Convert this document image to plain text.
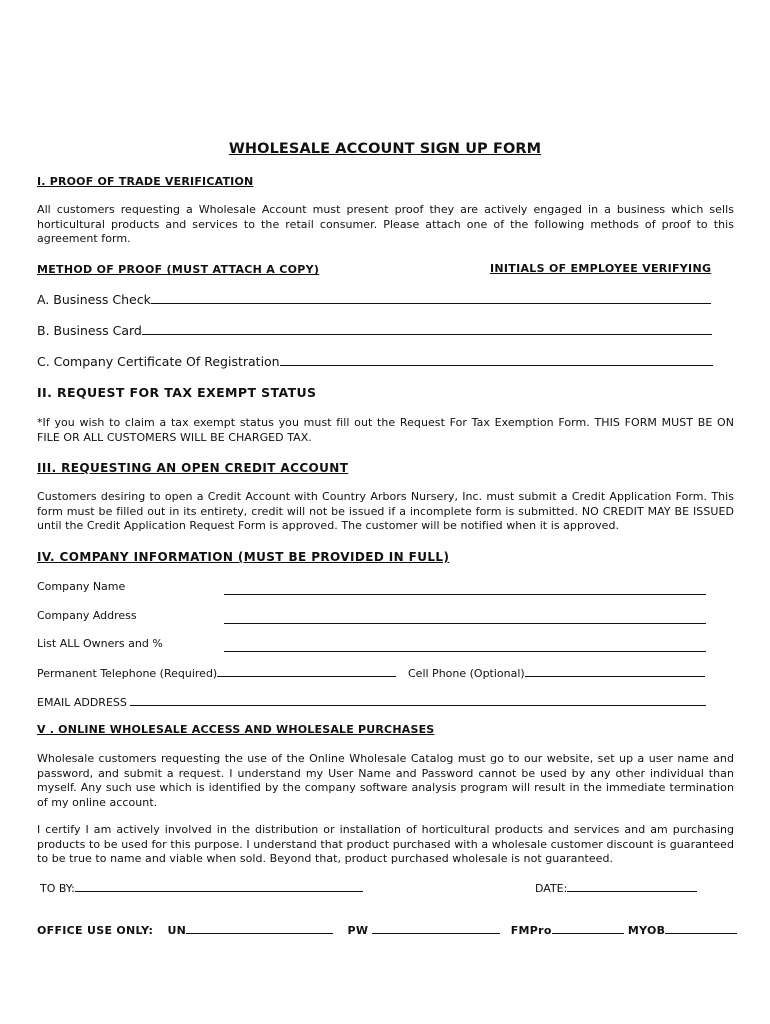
WHOLESALE ACCOUNT SIGN UP FORM
I. PROOF OF TRADE VERIFICATION
All customers requesting a Wholesale Account must present proof they are actively engaged in a business which sells horticultural products and services to the retail consumer. Please attach one of the following methods of proof to this agreement form.
METHOD OF PROOF (MUST ATTACH A COPY)	INITIALS OF EMPLOYEE VERIFYING
A. Business Check
B. Business Card
C. Company Certificate Of Registration
II. REQUEST FOR TAX EXEMPT STATUS
*If you wish to claim a tax exempt status you must fill out the Request For Tax Exemption Form. THIS FORM MUST BE ON FILE OR ALL CUSTOMERS WILL BE CHARGED TAX.
III. REQUESTING AN OPEN CREDIT ACCOUNT
Customers desiring to open a Credit Account with Country Arbors Nursery, Inc. must submit a Credit Application Form. This form must be filled out in its entirety, credit will not be issued if a incomplete form is submitted. NO CREDIT MAY BE ISSUED until the Credit Application Request Form is approved. The customer will be notified when it is approved.
IV. COMPANY INFORMATION (MUST BE PROVIDED IN FULL)
Company Name
Company Address
List ALL Owners and %
Permanent Telephone (Required)	Cell Phone (Optional)
EMAIL ADDRESS
V . ONLINE WHOLESALE ACCESS AND WHOLESALE PURCHASES
Wholesale customers requesting the use of the Online Wholesale Catalog must go to our website, set up a user name and password, and submit a request. I understand my User Name and Password cannot be used by any other individual than myself. Any such use which is identified by the company software analysis program will result in the immediate termination of my online account.
I certify I am actively involved in the distribution or installation of horticultural products and services and am purchasing products to be used for this purpose. I understand that product purchased with a wholesale customer discount is guaranteed to be true to name and viable when sold. Beyond that, product purchased wholesale is not guaranteed.
TO BY:	DATE:
OFFICE USE ONLY: UN	PW	FMPro	MYOB
